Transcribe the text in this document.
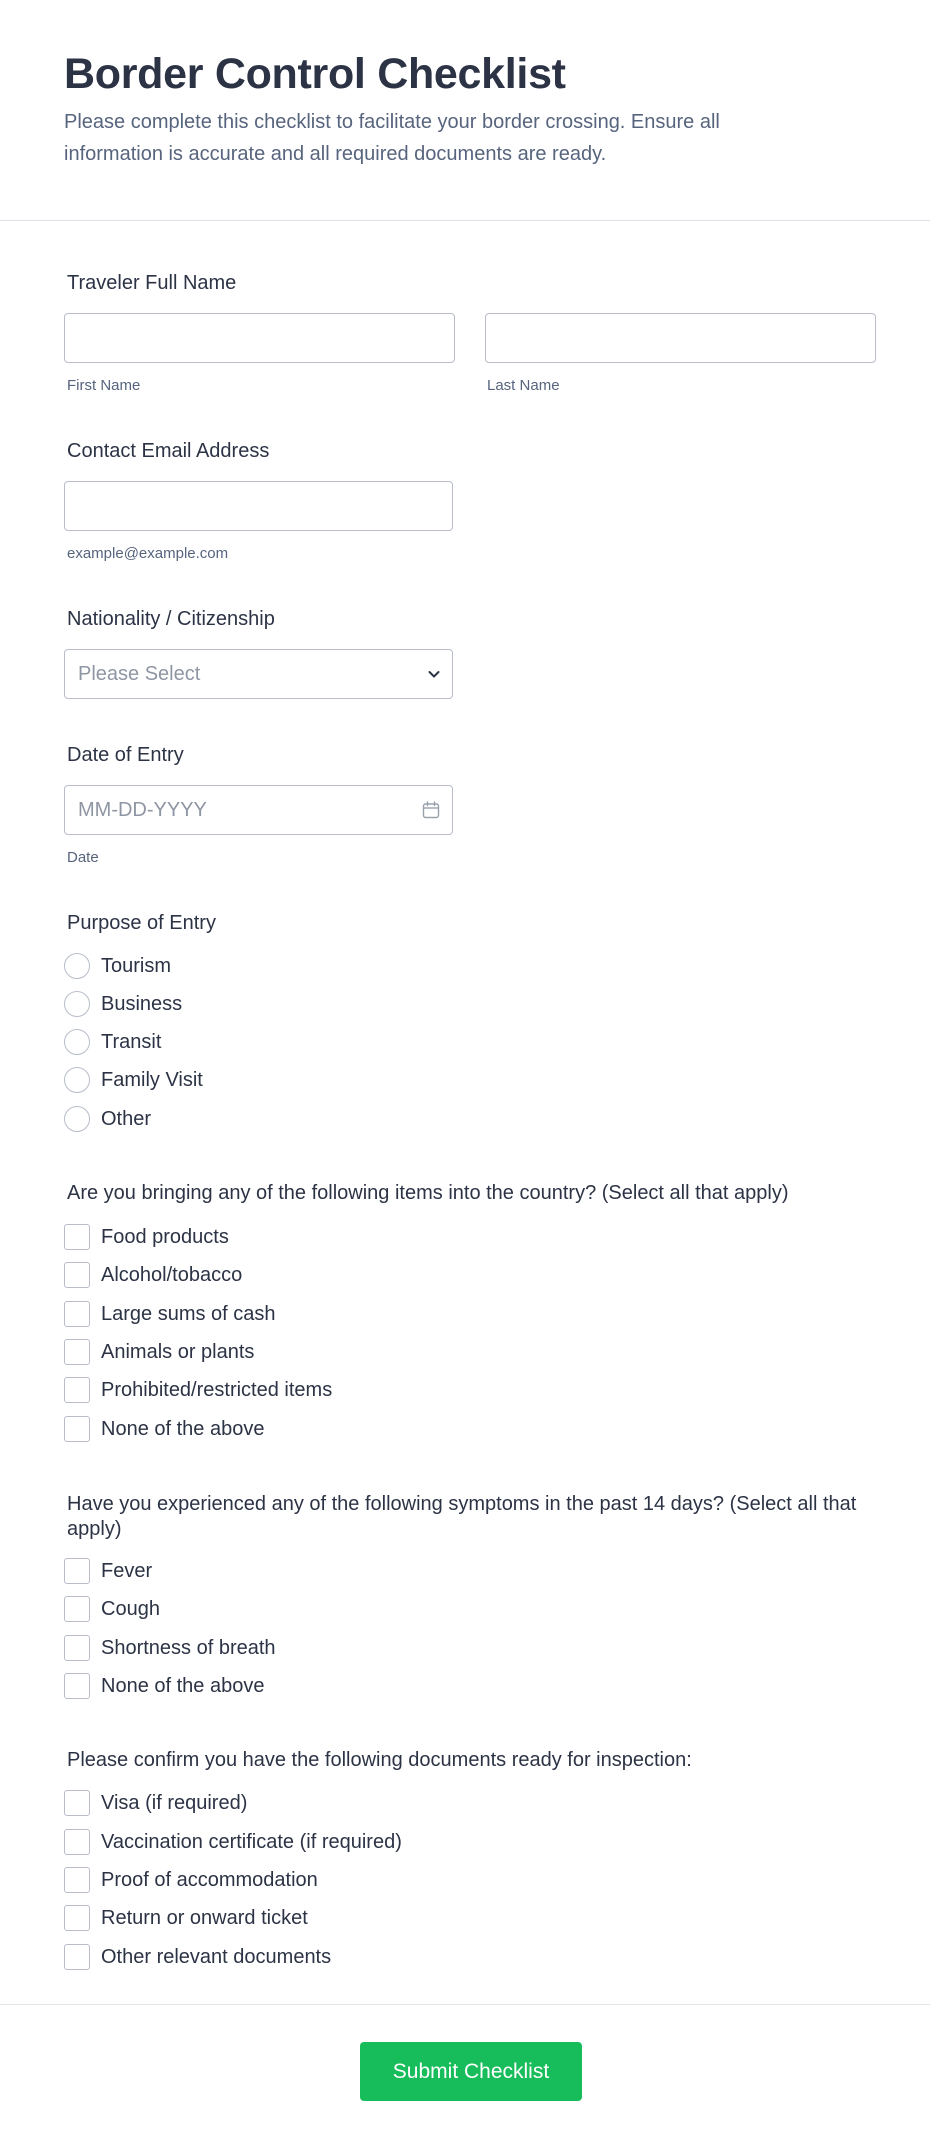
Border Control Checklist

Please complete this checklist to facilitate your border crossing. Ensure all information is accurate and all required documents are ready.

Traveler Full Name
First Name	Last Name
Contact Email Address
example@example.com
Nationality / Citizenship
Please Select
Date of Entry
MM-DD-YYYY
Date
Purpose of Entry
Tourism
Business
Transit
Family Visit
Other
Are you bringing any of the following items into the country? (Select all that apply)
Food products
Alcohol/tobacco
Large sums of cash
Animals or plants
Prohibited/restricted items
None of the above
Have you experienced any of the following symptoms in the past 14 days? (Select all that apply)
Fever
Cough
Shortness of breath
None of the above
Please confirm you have the following documents ready for inspection:
Visa (if required)
Vaccination certificate (if required)
Proof of accommodation
Return or onward ticket
Other relevant documents
Submit Checklist
